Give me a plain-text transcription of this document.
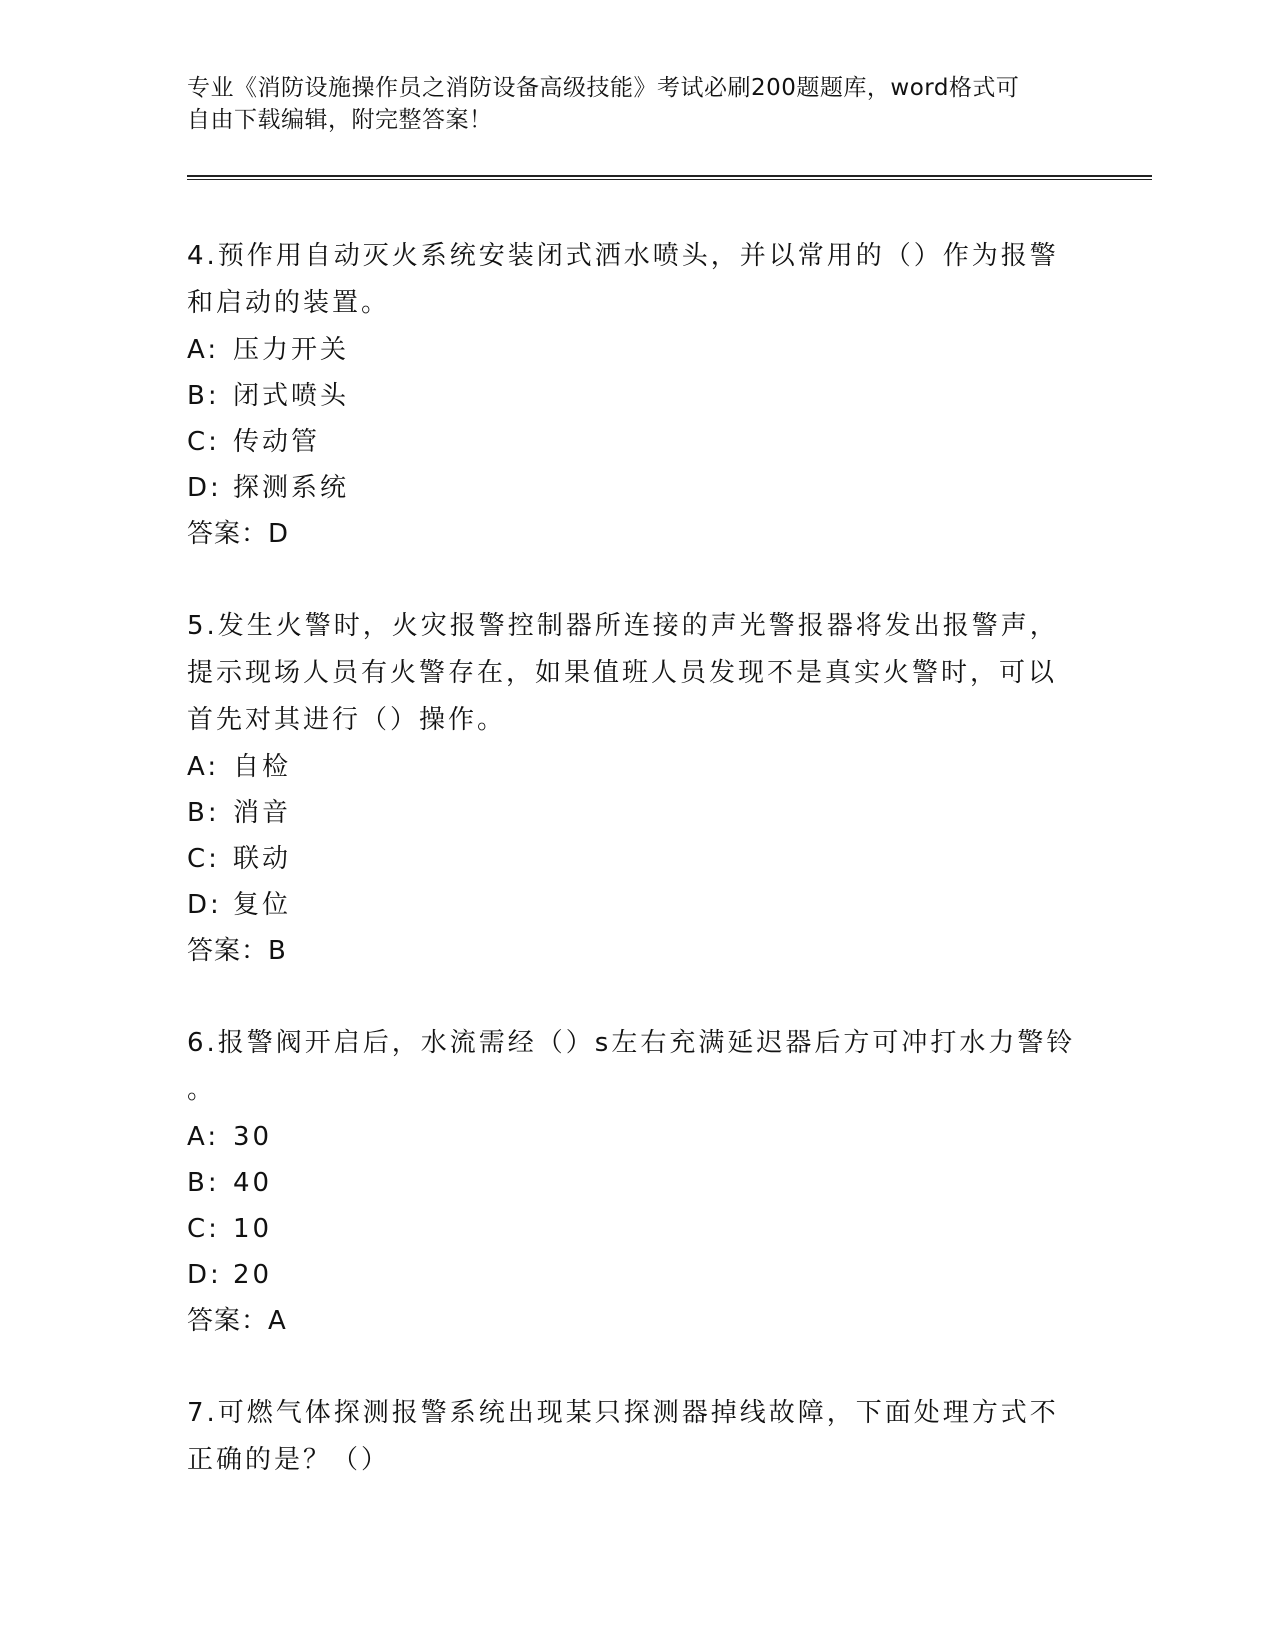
专业《消防设施操作员之消防设备高级技能》考试必刷200题题库，word格式可
自由下载编辑，附完整答案！
4.预作用自动灭火系统安装闭式洒水喷头，并以常用的（）作为报警
和启动的装置。
A: 压力开关
B: 闭式喷头
C: 传动管
D: 探测系统
答案：D
5.发生火警时，火灾报警控制器所连接的声光警报器将发出报警声，
提示现场人员有火警存在，如果值班人员发现不是真实火警时，可以
首先对其进行（）操作。
A: 自检
B: 消音
C: 联动
D: 复位
答案：B
6.报警阀开启后，水流需经（）s左右充满延迟器后方可冲打水力警铃
。
A: 30
B: 40
C: 10
D: 20
答案：A
7.可燃气体探测报警系统出现某只探测器掉线故障，下面处理方式不
正确的是？（）
